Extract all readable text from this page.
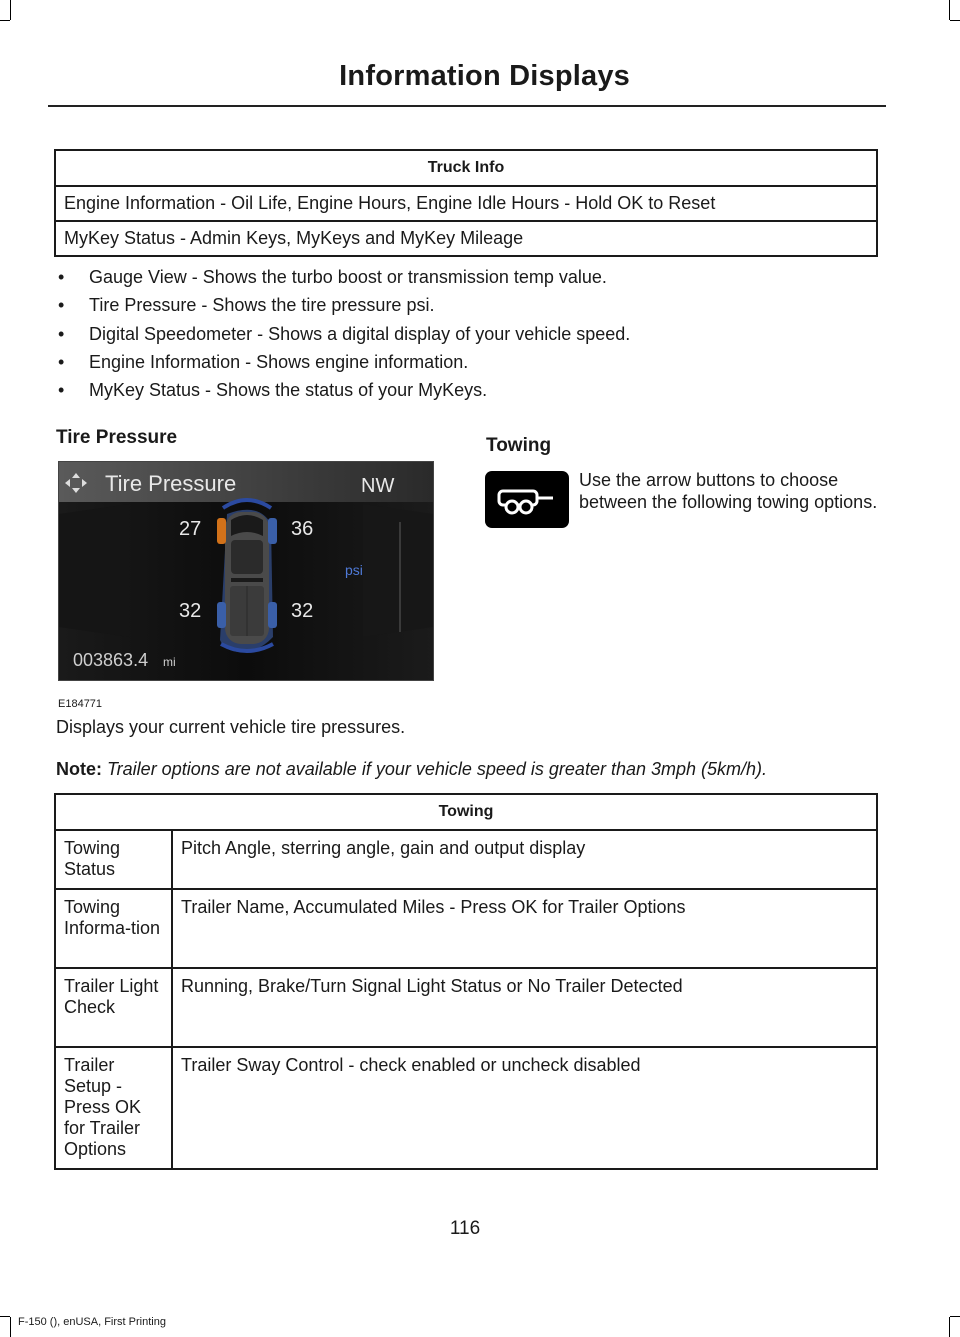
Information Displays
Truck Info
Engine Information - Oil Life, Engine Hours, Engine Idle Hours - Hold OK to Reset
MyKey Status - Admin Keys, MyKeys and MyKey Mileage
•	Gauge View - Shows the turbo boost or transmission temp value.
•	Tire Pressure - Shows the tire pressure psi.
•	Digital Speedometer - Shows a digital display of your vehicle speed.
•	Engine Information - Shows engine information.
•	MyKey Status - Shows the status of your MyKeys.
Tire Pressure
Tire Pressure	NW
27	36
32	32
psi
003863.4 mi
E184771
Displays your current vehicle tire pressures.
Towing
Use the arrow buttons to choose between the following towing options.
Note: Trailer options are not available if your vehicle speed is greater than 3mph (5km/h).
Towing	
Towing Status	Pitch Angle, sterring angle, gain and output display
Towing Informa-tion	Trailer Name, Accumulated Miles - Press OK for Trailer Options
Trailer Light Check	Running, Brake/Turn Signal Light Status or No Trailer Detected
Trailer Setup - Press OK for Trailer Options	Trailer Sway Control - check enabled or uncheck disabled
116
F-150 (), enUSA, First Printing
